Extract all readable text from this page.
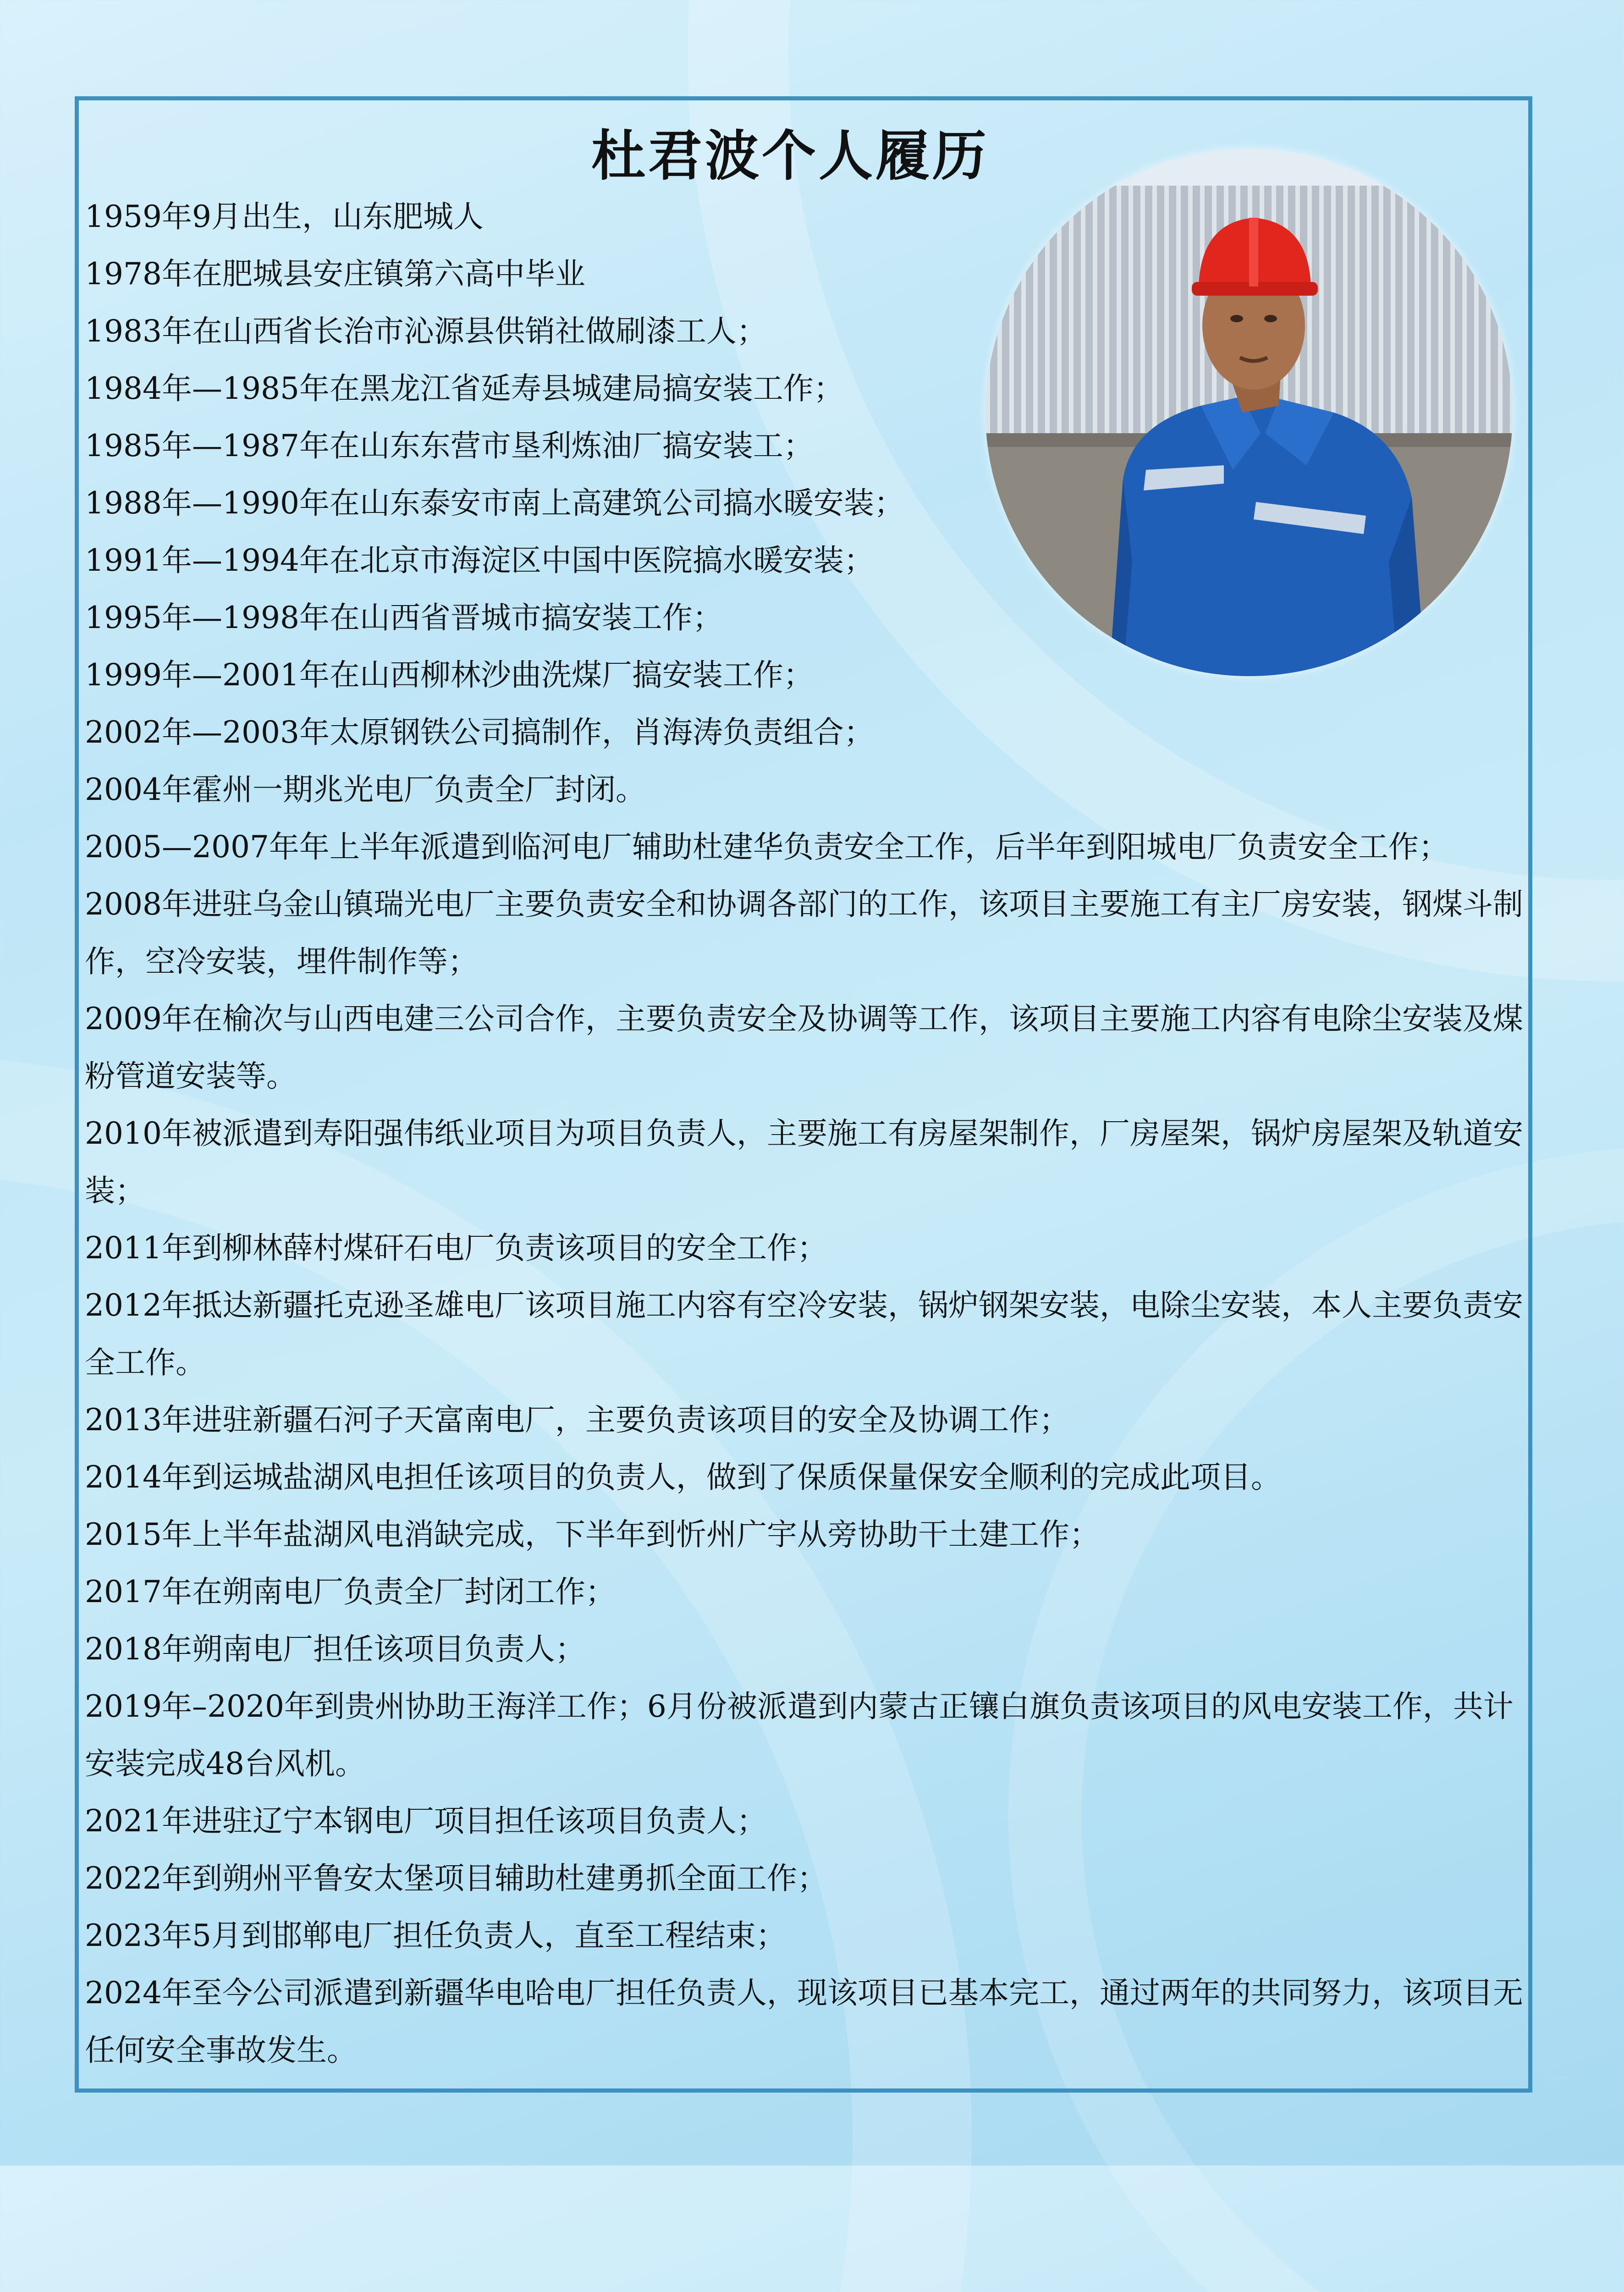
杜君波个人履历
1959年9月出生，山东肥城人
1978年在肥城县安庄镇第六高中毕业
1983年在山西省长治市沁源县供销社做刷漆工人；
1984年—1985年在黑龙江省延寿县城建局搞安装工作；
1985年—1987年在山东东营市垦利炼油厂搞安装工；
1988年—1990年在山东泰安市南上高建筑公司搞水暖安装；
1991年—1994年在北京市海淀区中国中医院搞水暖安装；
1995年—1998年在山西省晋城市搞安装工作；
1999年—2001年在山西柳林沙曲洗煤厂搞安装工作；
2002年—2003年太原钢铁公司搞制作，肖海涛负责组合；
2004年霍州一期兆光电厂负责全厂封闭。
2005—2007年年上半年派遣到临河电厂辅助杜建华负责安全工作，后半年到阳城电厂负责安全工作；
2008年进驻乌金山镇瑞光电厂主要负责安全和协调各部门的工作，该项目主要施工有主厂房安装，钢煤斗制作，空冷安装，埋件制作等；
2009年在榆次与山西电建三公司合作，主要负责安全及协调等工作，该项目主要施工内容有电除尘安装及煤粉管道安装等。
2010年被派遣到寿阳强伟纸业项目为项目负责人，主要施工有房屋架制作，厂房屋架，锅炉房屋架及轨道安装；
2011年到柳林薛村煤矸石电厂负责该项目的安全工作；
2012年抵达新疆托克逊圣雄电厂该项目施工内容有空冷安装，锅炉钢架安装，电除尘安装，本人主要负责安全工作。
2013年进驻新疆石河子天富南电厂，主要负责该项目的安全及协调工作；
2014年到运城盐湖风电担任该项目的负责人，做到了保质保量保安全顺利的完成此项目。
2015年上半年盐湖风电消缺完成，下半年到忻州广宇从旁协助干土建工作；
2017年在朔南电厂负责全厂封闭工作；
2018年朔南电厂担任该项目负责人；
2019年–2020年到贵州协助王海洋工作；6月份被派遣到内蒙古正镶白旗负责该项目的风电安装工作，共计安装完成48台风机。
2021年进驻辽宁本钢电厂项目担任该项目负责人；
2022年到朔州平鲁安太堡项目辅助杜建勇抓全面工作；
2023年5月到邯郸电厂担任负责人，直至工程结束；
2024年至今公司派遣到新疆华电哈电厂担任负责人，现该项目已基本完工，通过两年的共同努力，该项目无任何安全事故发生。
